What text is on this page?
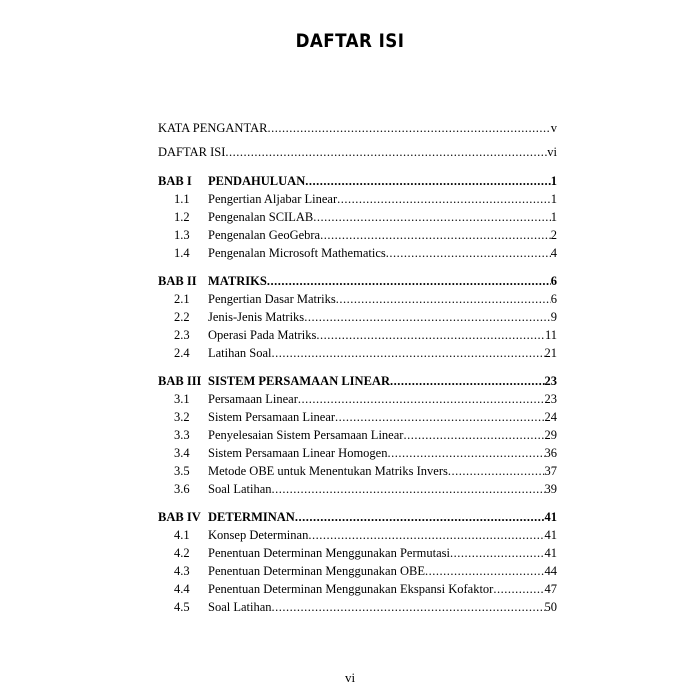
DAFTAR ISI
KATA PENGANTAR .....	v
DAFTAR ISI .....	vi
BAB I	PENDAHULUAN .....	1
1.1	Pengertian Aljabar Linear .....	1
1.2	Pengenalan SCILAB .....	1
1.3	Pengenalan GeoGebra .....	2
1.4	Pengenalan Microsoft Mathematics .....	4
BAB II MATRIKS .....	6
2.1	Pengertian Dasar Matriks .....	6
2.2	Jenis-Jenis Matriks .....	9
2.3	Operasi Pada Matriks .....	11
2.4	Latihan Soal .....	21
BAB III SISTEM PERSAMAAN LINEAR .....	23
3.1	Persamaan Linear .....	23
3.2	Sistem Persamaan Linear .....	24
3.3	Penyelesaian Sistem Persamaan Linear .....	29
3.4	Sistem Persamaan Linear Homogen .....	36
3.5	Metode OBE untuk Menentukan Matriks Invers .....	37
3.6	Soal Latihan .....	39
BAB IV DETERMINAN .....	41
4.1	Konsep Determinan .....	41
4.2	Penentuan Determinan Menggunakan Permutasi .....	41
4.3	Penentuan Determinan Menggunakan OBE .....	44
4.4	Penentuan Determinan Menggunakan Ekspansi Kofaktor .....	47
4.5	Soal Latihan .....	50
vi
